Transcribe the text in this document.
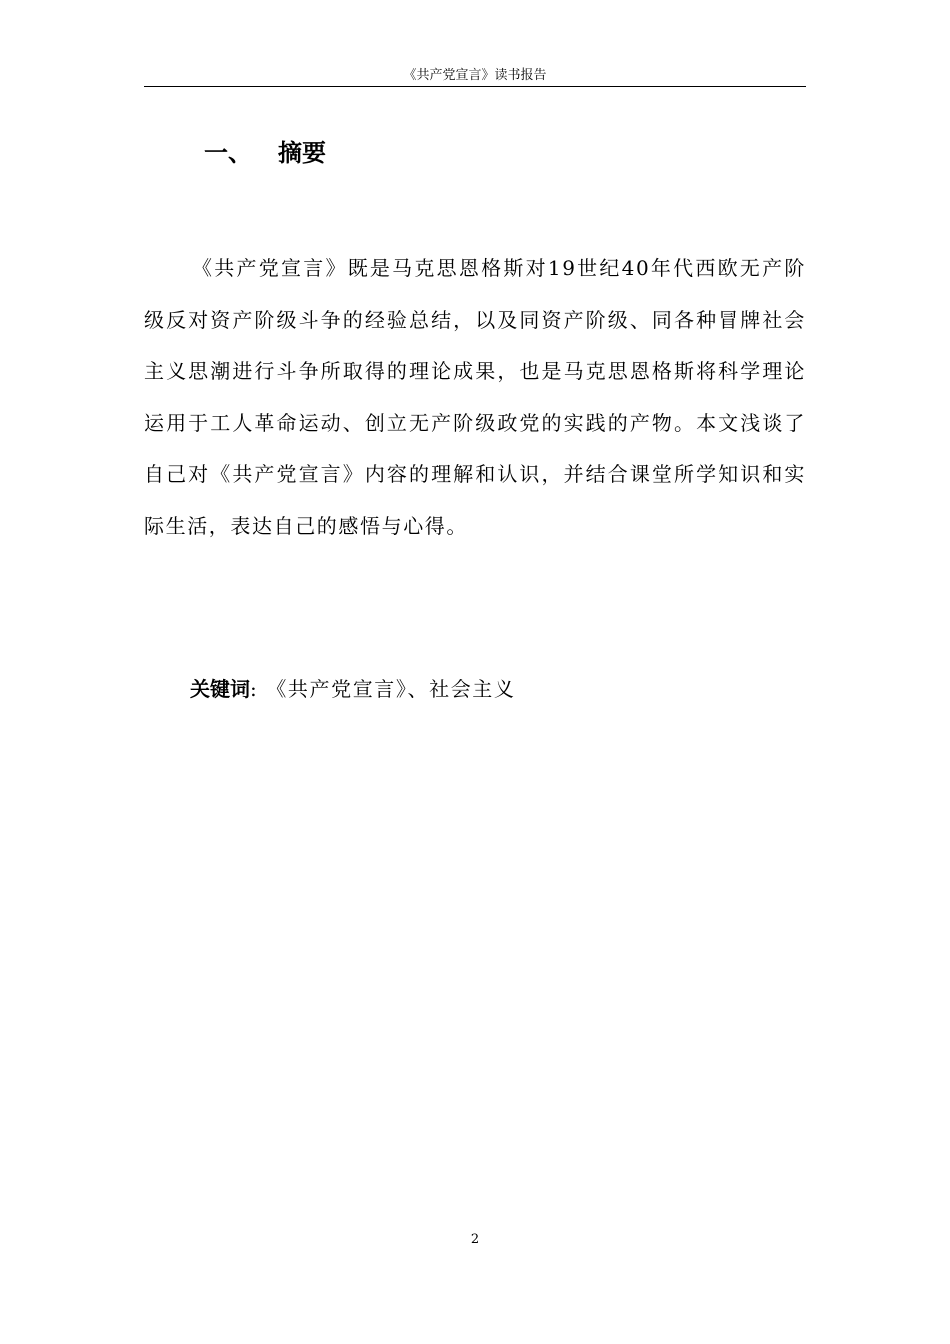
《共产党宣言》读书报告
一、 摘要

《共产党宣言》既是马克思恩格斯对19世纪40年代西欧无产阶级反对资产阶级斗争的经验总结，以及同资产阶级、同各种冒牌社会主义思潮进行斗争所取得的理论成果，也是马克思恩格斯将科学理论运用于工人革命运动、创立无产阶级政党的实践的产物。本文浅谈了自己对《共产党宣言》内容的理解和认识，并结合课堂所学知识和实际生活，表达自己的感悟与心得。

关键词: 《共产党宣言》、社会主义
2
